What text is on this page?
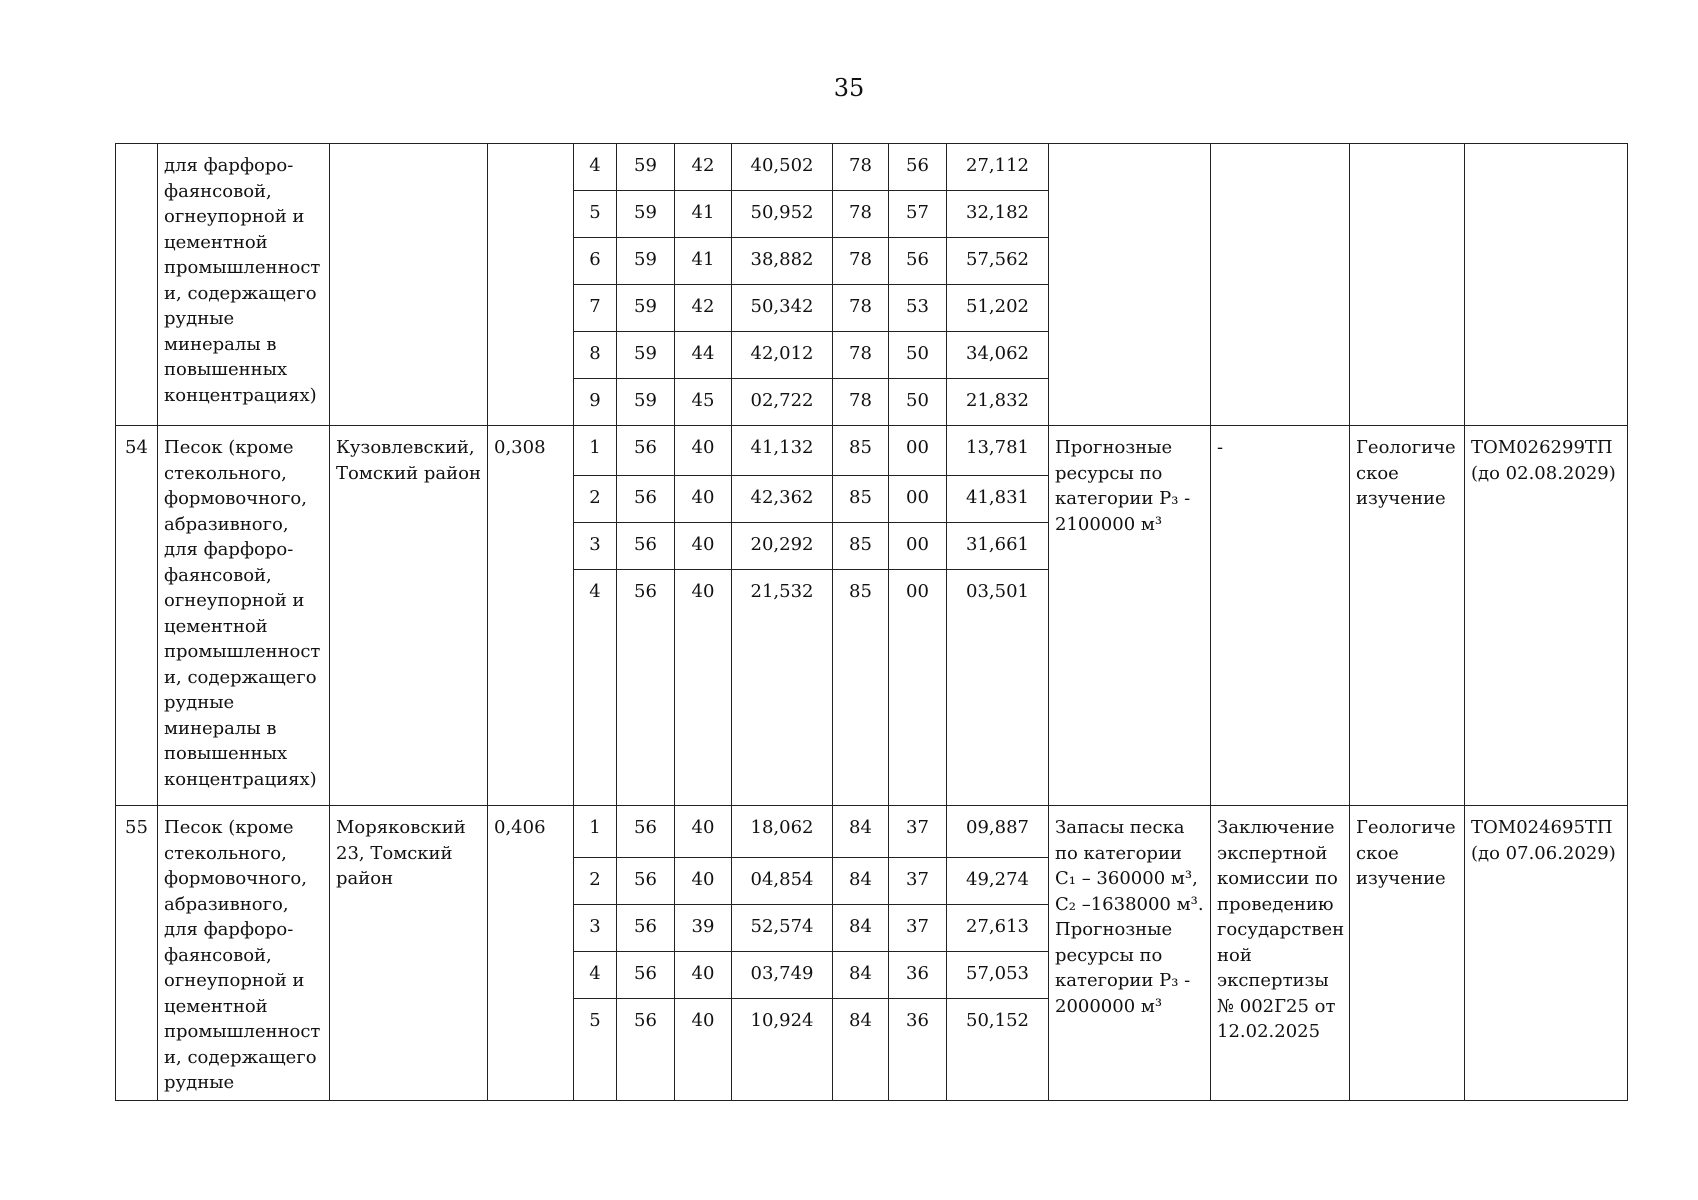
35
	для фарфоро- фаянсовой, огнеупорной и цементной промышленност и, содержащего рудные минералы в повышенных концентрациях)			4	59	42	40,502	78	56	27,112				
				5	59	41	50,952	78	57	32,182				
				6	59	41	38,882	78	56	57,562				
				7	59	42	50,342	78	53	51,202				
				8	59	44	42,012	78	50	34,062				
				9	59	45	02,722	78	50	21,832				
54	Песок (кроме стекольного, формовочного, абразивного, для фарфоро- фаянсовой, огнеупорной и цементной промышленност и, содержащего рудные минералы в повышенных концентрациях)	Кузовлевский, Томский район	0,308	1	56	40	41,132	85	00	13,781	Прогнозные ресурсы по категории Р₃ - 2100000 м³	-	Геологиче ское изучение	ТОМ026299ТП (до 02.08.2029)
				2	56	40	42,362	85	00	41,831				
				3	56	40	20,292	85	00	31,661				
				4	56	40	21,532	85	00	03,501				
55	Песок (кроме стекольного, формовочного, абразивного, для фарфоро- фаянсовой, огнеупорной и цементной промышленност и, содержащего рудные	Моряковский 23, Томский район	0,406	1	56	40	18,062	84	37	09,887	Запасы песка по категории С₁ – 360000 м³, С₂ –1638000 м³. Прогнозные ресурсы по категории Р₃ - 2000000 м³	Заключение экспертной комиссии по проведению государствен ной экспертизы № 002Г25 от 12.02.2025	Геологиче ское изучение	ТОМ024695ТП (до 07.06.2029)
				2	56	40	04,854	84	37	49,274				
				3	56	39	52,574	84	37	27,613				
				4	56	40	03,749	84	36	57,053				
				5	56	40	10,924	84	36	50,152				
